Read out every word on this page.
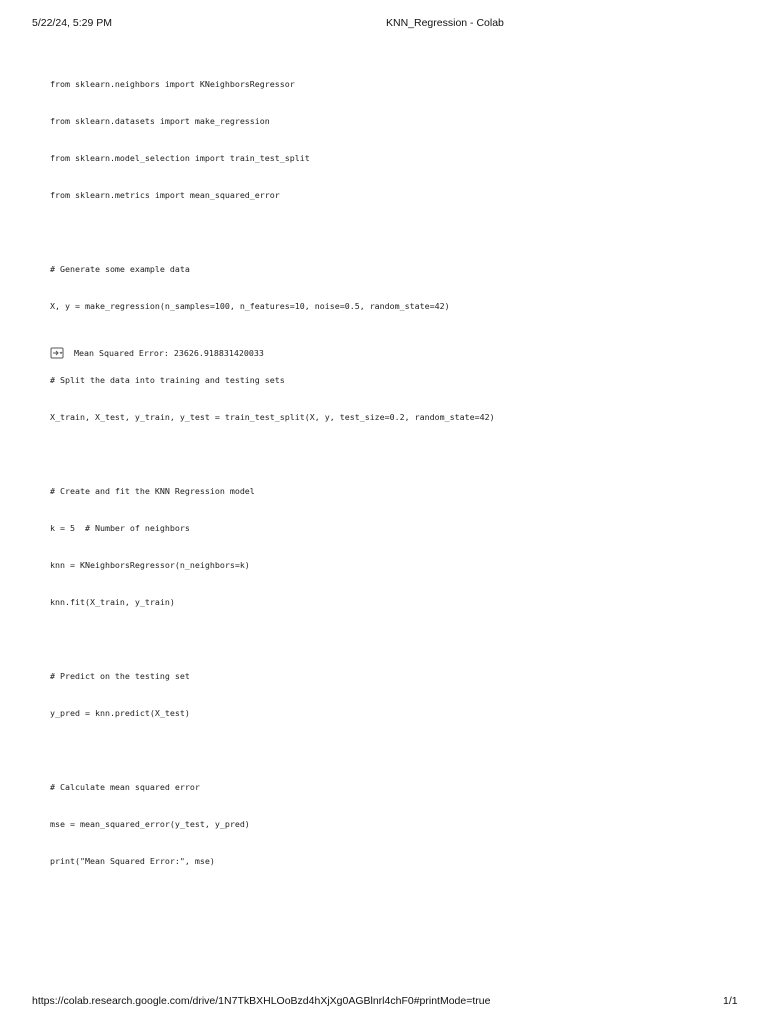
5/22/24, 5:29 PM	KNN_Regression - Colab

from sklearn.neighbors import KNeighborsRegressor

from sklearn.datasets import make_regression

from sklearn.model_selection import train_test_split

from sklearn.metrics import mean_squared_error

# Generate some example data

X, y = make_regression(n_samples=100, n_features=10, noise=0.5, random_state=42)

# Split the data into training and testing sets

X_train, X_test, y_train, y_test = train_test_split(X, y, test_size=0.2, random_state=42)

# Create and fit the KNN Regression model

k = 5  # Number of neighbors

knn = KNeighborsRegressor(n_neighbors=k)

knn.fit(X_train, y_train)

# Predict on the testing set

y_pred = knn.predict(X_test)

# Calculate mean squared error

mse = mean_squared_error(y_test, y_pred)

print("Mean Squared Error:", mse)

Mean Squared Error: 23626.918831420033
https://colab.research.google.com/drive/1N7TkBXHLOoBzd4hXjXg0AGBlnrl4chF0#printMode=true	1/1
